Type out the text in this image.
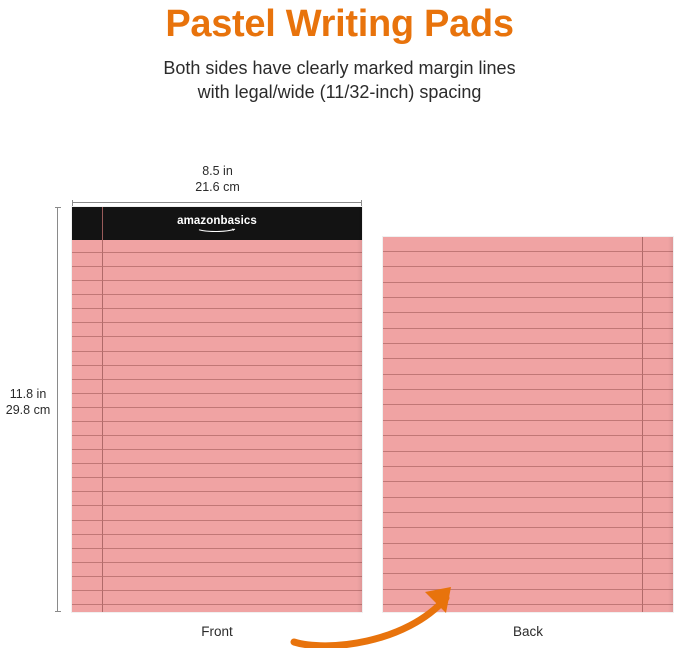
Pastel Writing Pads
Both sides have clearly marked margin lines
with legal/wide (11/32-inch) spacing
8.5 in
21.6 cm
11.8 in
29.8 cm
amazonbasics
Front	Back
